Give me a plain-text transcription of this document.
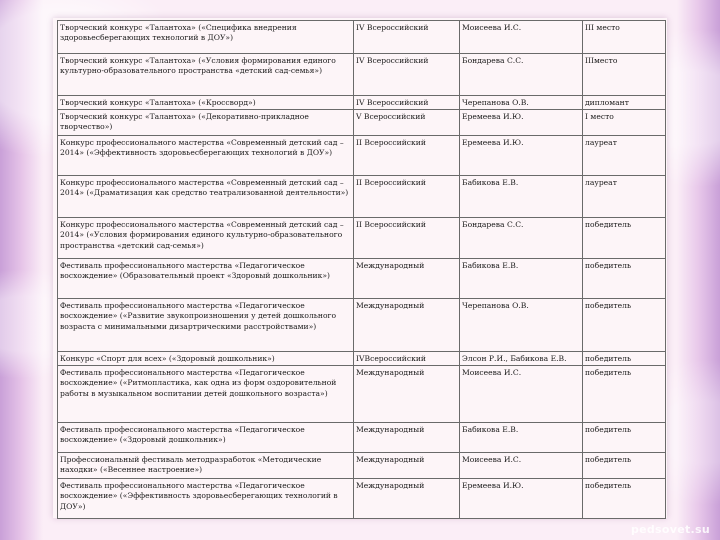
Творческий конкурс «Талантоха» («Специфика внедрения здоровьесберегающих технологий в ДОУ»)	IV Всероссийский	Моисеева И.С.	III место
Творческий конкурс «Талантоха» («Условия формирования единого культурно-образовательного пространства «детский сад-семья»)	IV Всероссийский	Бондарева С.С.	IIIместо
Творческий конкурс «Талантоха» («Кроссворд»)	IV Всероссийский	Черепанова О.В.	дипломант
Творческий конкурс «Талантоха» («Декоративно-прикладное творчество»)	V Всероссийский	Еремеева И.Ю.	I место
Конкурс профессионального мастерства «Современный детский сад – 2014» («Эффективность здоровьесберегающих технологий в ДОУ»)	II Всероссийский	Еремеева И.Ю.	лауреат
Конкурс профессионального мастерства «Современный детский сад – 2014» («Драматизация как средство театрализованной деятельности»)	II Всероссийский	Бабикова Е.В.	лауреат
Конкурс профессионального мастерства «Современный детский сад – 2014» («Условия формирования единого культурно-образовательного пространства «детский сад-семья»)	II Всероссийский	Бондарева С.С.	победитель
Фестиваль профессионального мастерства «Педагогическое восхождение» (Образовательный проект «Здоровый дошкольник»)	Международный	Бабикова Е.В.	победитель
Фестиваль профессионального мастерства «Педагогическое восхождение» («Развитие звукопроизношения у детей дошкольного возраста с минимальными дизартрическими расстройствами»)	Международный	Черепанова О.В.	победитель
Конкурс «Спорт для всех» («Здоровый дошкольник»)	IVВсероссийский	Элсон Р.И., Бабикова Е.В.	победитель
Фестиваль профессионального мастерства «Педагогическое восхождение» («Ритмопластика, как одна из форм оздоровительной работы в музыкальном воспитании детей дошкольного возраста»)	Международный	Моисеева И.С.	победитель
Фестиваль профессионального мастерства «Педагогическое восхождение» («Здоровый дошкольник»)	Международный	Бабикова Е.В.	победитель
Профессиональный фестиваль методразработок «Методические находки» («Весеннее настроение»)	Международный	Моисеева И.С.	победитель
Фестиваль профессионального мастерства «Педагогическое восхождение» («Эффективность здоровьесберегающих технологий в ДОУ»)	Международный	Еремеева И.Ю.	победитель
pedsovet.su
